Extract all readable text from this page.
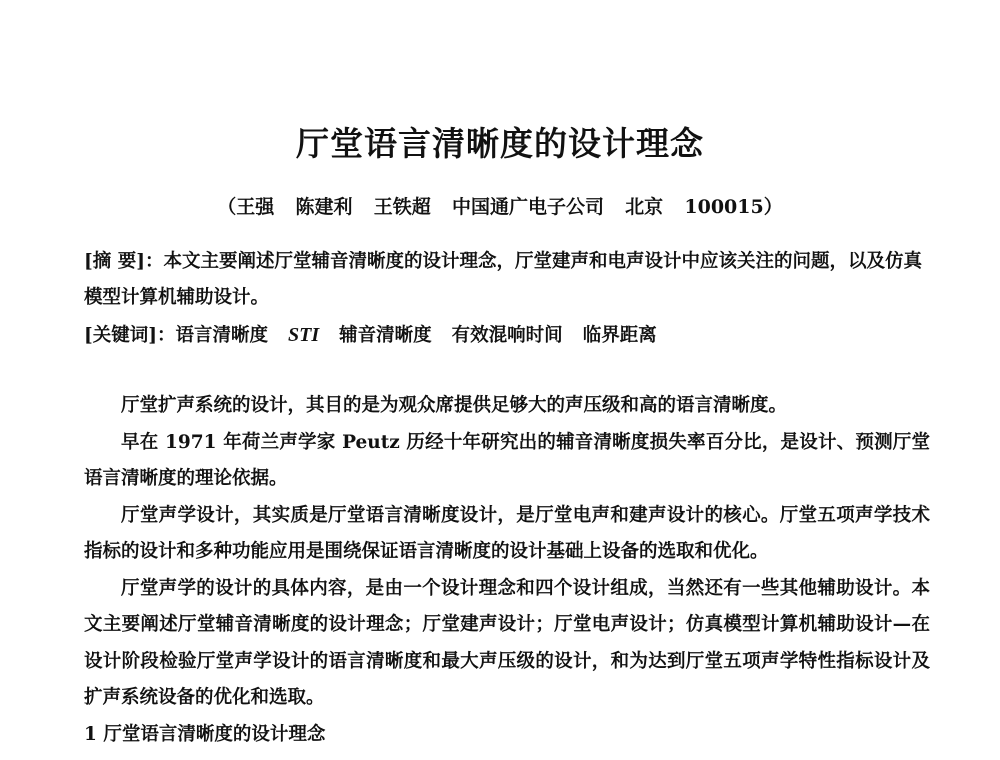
厅堂语言清晰度的设计理念
（王强  陈建利  王铁超  中国通广电子公司  北京  100015）

[摘 要]：本文主要阐述厅堂辅音清晰度的设计理念，厅堂建声和电声设计中应该关注的问题，以及仿真模型计算机辅助设计。

[关键词]：语言清晰度 STI 辅音清晰度 有效混响时间 临界距离

厅堂扩声系统的设计，其目的是为观众席提供足够大的声压级和高的语言清晰度。

早在 1971 年荷兰声学家 Peutz 历经十年研究出的辅音清晰度损失率百分比，是设计、预测厅堂语言清晰度的理论依据。

厅堂声学设计，其实质是厅堂语言清晰度设计，是厅堂电声和建声设计的核心。厅堂五项声学技术指标的设计和多种功能应用是围绕保证语言清晰度的设计基础上设备的选取和优化。

厅堂声学的设计的具体内容，是由一个设计理念和四个设计组成，当然还有一些其他辅助设计。本文主要阐述厅堂辅音清晰度的设计理念；厅堂建声设计；厅堂电声设计；仿真模型计算机辅助设计—在设计阶段检验厅堂声学设计的语言清晰度和最大声压级的设计，和为达到厅堂五项声学特性指标设计及扩声系统设备的优化和选取。

1 厅堂语言清晰度的设计理念
